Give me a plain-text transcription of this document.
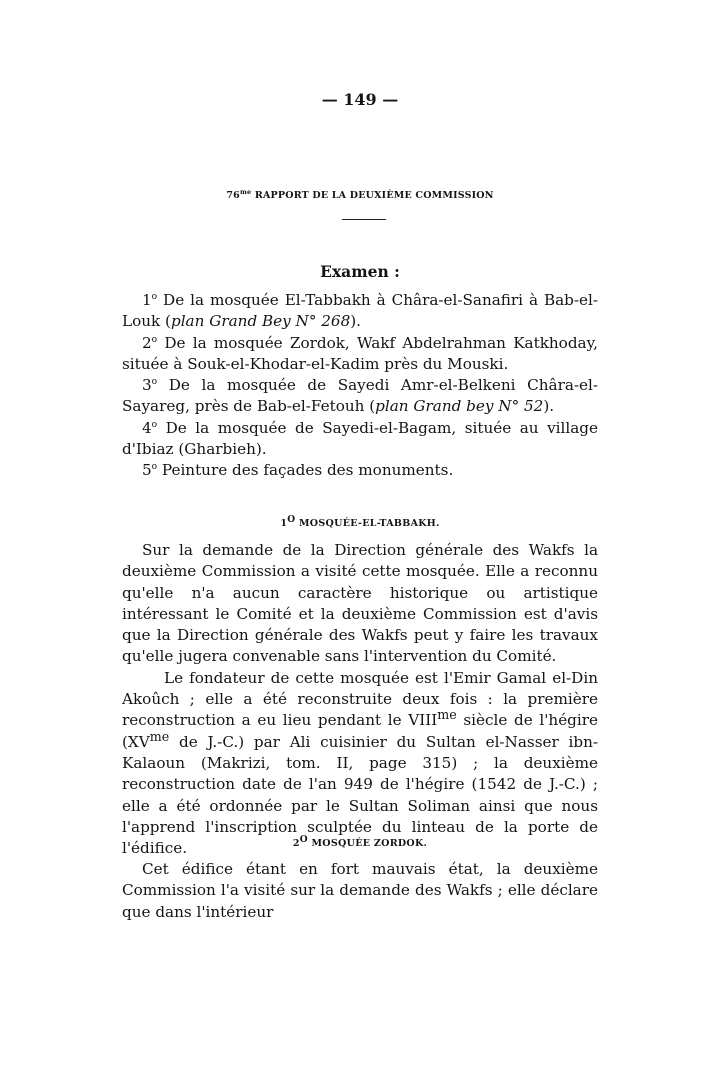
— 149 —
$76^{me}$ RAPPORT DE LA DEUXIÈME COMMISSION
Examen :

1$^o$ De la mosquée El-Tabbakh à Châra-el-Sanafiri à Bab-el-Louk (plan Grand Bey N° 268).

2$^o$ De la mosquée Zordok, Wakf Abdelrahman Katkhoday, située à Souk-el-Khodar-el-Kadim près du Mouski.

3$^o$ De la mosquée de Sayedi Amr-el-Belkeni Châra-el-Sayareg, près de Bab-el-Fetouh (plan Grand bey N° 52).

4$^o$ De la mosquée de Sayedi-el-Bagam, située au village d'Ibiaz (Gharbieh).

5$^o$ Peinture des façades des monuments.

$1^O$ MOSQUÉE-EL-TABBAKH.

Sur la demande de la Direction générale des Wakfs la deuxième Commission a visité cette mosquée. Elle a reconnu qu'elle n'a aucun caractère historique ou artistique intéressant le Comité et la deuxième Commission est d'avis que la Direction générale des Wakfs peut y faire les travaux qu'elle jugera convenable sans l'intervention du Comité.

Le fondateur de cette mosquée est l'Emir Gamal el-Din Akoûch ; elle a été reconstruite deux fois : la première reconstruction a eu lieu pendant le $VIII^{me}$ siècle de l'hégire ($XV^{me}$ de J.-C.) par Ali cuisinier du Sultan el-Nasser ibn-Kalaoun (Makrizi, tom. II, page 315) ; la deuxième reconstruction date de l'an 949 de l'hégire (1542 de J.-C.) ; elle a été ordonnée par le Sultan Soliman ainsi que nous l'apprend l'inscription sculptée du linteau de la porte de l'édifice.	$2^O$ MOSQUÉE ZORDOK.

Cet édifice étant en fort mauvais état, la deuxième Commission l'a visité sur la demande des Wakfs ; elle déclare que dans l'intérieur
